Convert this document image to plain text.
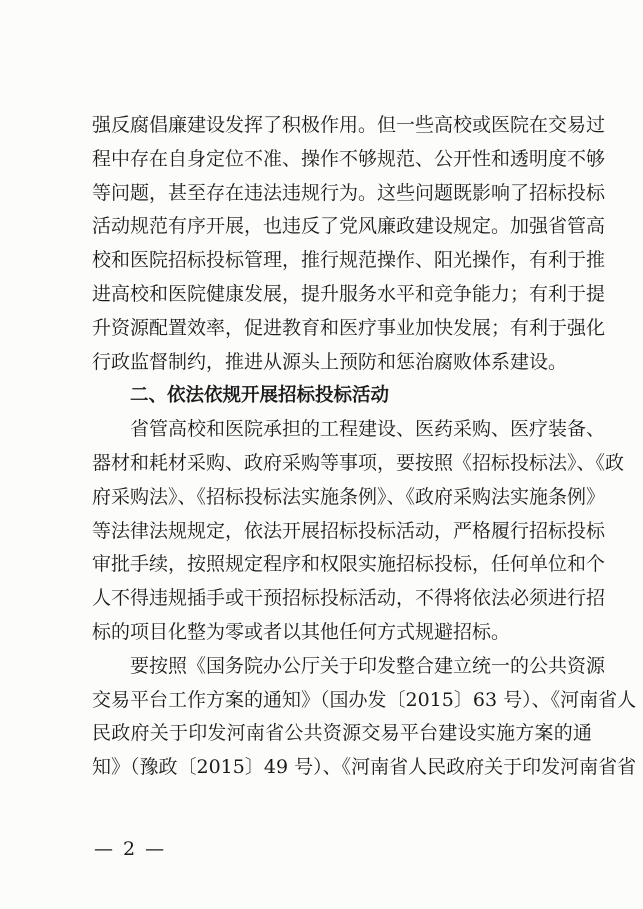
强反腐倡廉建设发挥了积极作用。但一些高校或医院在交易过
程中存在自身定位不准、操作不够规范、公开性和透明度不够
等问题，甚至存在违法违规行为。这些问题既影响了招标投标
活动规范有序开展，也违反了党风廉政建设规定。加强省管高
校和医院招标投标管理，推行规范操作、阳光操作，有利于推
进高校和医院健康发展，提升服务水平和竞争能力；有利于提
升资源配置效率，促进教育和医疗事业加快发展；有利于强化
行政监督制约，推进从源头上预防和惩治腐败体系建设。
二、依法依规开展招标投标活动
省管高校和医院承担的工程建设、医药采购、医疗装备、
器材和耗材采购、政府采购等事项，要按照《招标投标法》、《政
府采购法》、《招标投标法实施条例》、《政府采购法实施条例》
等法律法规规定，依法开展招标投标活动，严格履行招标投标
审批手续，按照规定程序和权限实施招标投标，任何单位和个
人不得违规插手或干预招标投标活动，不得将依法必须进行招
标的项目化整为零或者以其他任何方式规避招标。
要按照《国务院办公厅关于印发整合建立统一的公共资源
交易平台工作方案的通知》（国办发〔2015〕63 号）、《河南省人
民政府关于印发河南省公共资源交易平台建设实施方案的通
知》（豫政〔2015〕49 号）、《河南省人民政府关于印发河南省省
— 2 —
